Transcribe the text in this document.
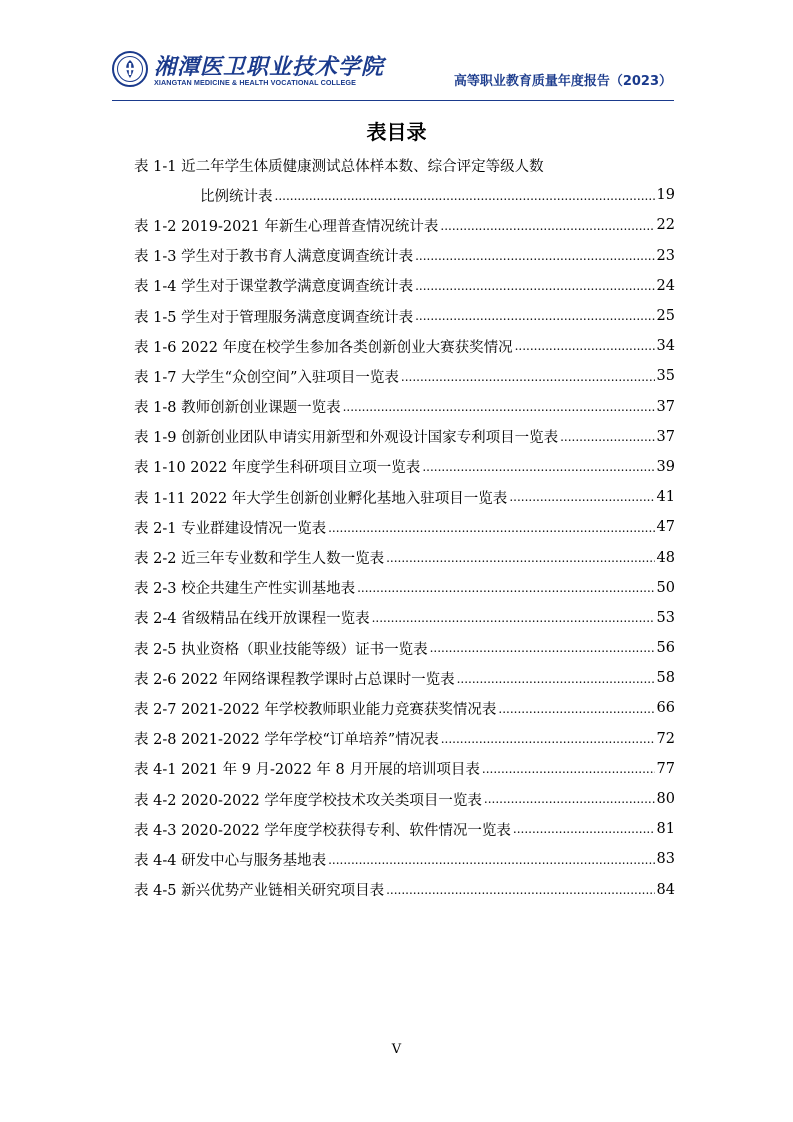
湘潭医卫职业技术学院
XIANGTAN MEDICINE & HEALTH VOCATIONAL COLLEGE	高等职业教育质量年度报告（2023）
表目录
表 1-1 近二年学生体质健康测试总体样本数、综合评定等级人数
比例统计表 .....	19
表 1-2 2019-2021 年新生心理普查情况统计表 .....	22
表 1-3 学生对于教书育人满意度调查统计表 .....	23
表 1-4 学生对于课堂教学满意度调查统计表 .....	24
表 1-5 学生对于管理服务满意度调查统计表 .....	25
表 1-6 2022 年度在校学生参加各类创新创业大赛获奖情况 .....	34
表 1-7 大学生“众创空间”入驻项目一览表 .....	35
表 1-8 教师创新创业课题一览表 .....	37
表 1-9 创新创业团队申请实用新型和外观设计国家专利项目一览表 .....	37
表 1-10 2022 年度学生科研项目立项一览表 .....	39
表 1-11 2022 年大学生创新创业孵化基地入驻项目一览表 .....	41
表 2-1 专业群建设情况一览表 .....	47
表 2-2 近三年专业数和学生人数一览表 .....	48
表 2-3 校企共建生产性实训基地表 .....	50
表 2-4 省级精品在线开放课程一览表 .....	53
表 2-5 执业资格（职业技能等级）证书一览表 .....	56
表 2-6 2022 年网络课程教学课时占总课时一览表 .....	58
表 2-7 2021-2022 年学校教师职业能力竞赛获奖情况表 .....	66
表 2-8 2021-2022 学年学校“订单培养”情况表 .....	72
表 4-1 2021 年 9 月-2022 年 8 月开展的培训项目表 .....	77
表 4-2 2020-2022 学年度学校技术攻关类项目一览表 .....	80
表 4-3 2020-2022 学年度学校获得专利、软件情况一览表 .....	81
表 4-4 研发中心与服务基地表 .....	83
表 4-5 新兴优势产业链相关研究项目表 .....	84
V
